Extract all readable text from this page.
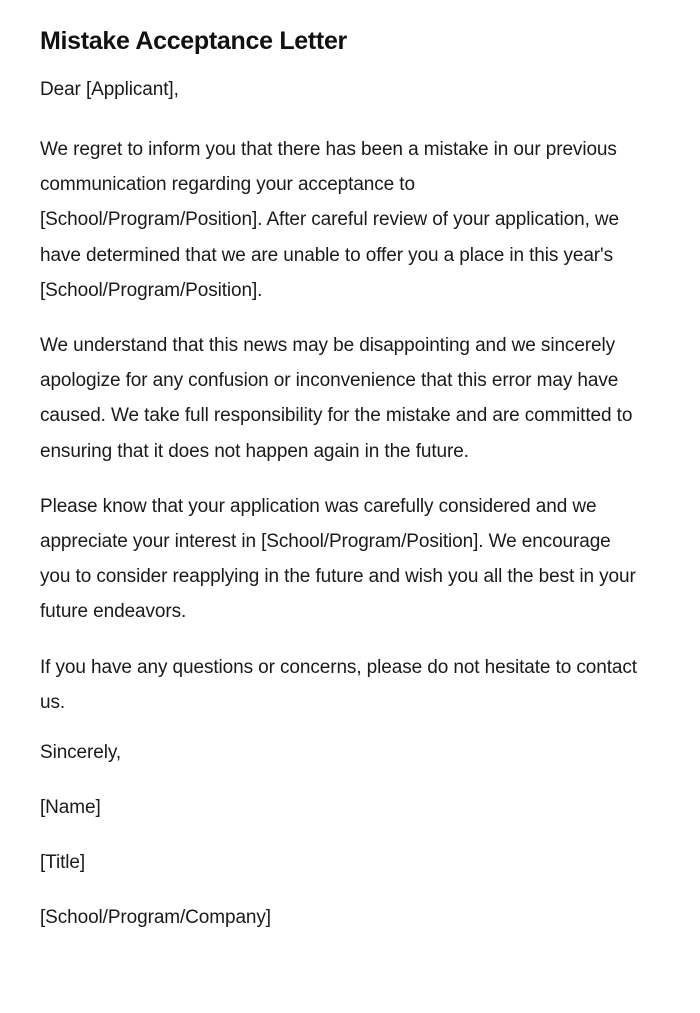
Mistake Acceptance Letter

Dear [Applicant],

We regret to inform you that there has been a mistake in our previous communication regarding your acceptance to [School/Program/Position]. After careful review of your application, we have determined that we are unable to offer you a place in this year's [School/Program/Position].

We understand that this news may be disappointing and we sincerely apologize for any confusion or inconvenience that this error may have caused. We take full responsibility for the mistake and are committed to ensuring that it does not happen again in the future.

Please know that your application was carefully considered and we appreciate your interest in [School/Program/Position]. We encourage you to consider reapplying in the future and wish you all the best in your future endeavors.

If you have any questions or concerns, please do not hesitate to contact us.

Sincerely,

[Name]

[Title]

[School/Program/Company]
